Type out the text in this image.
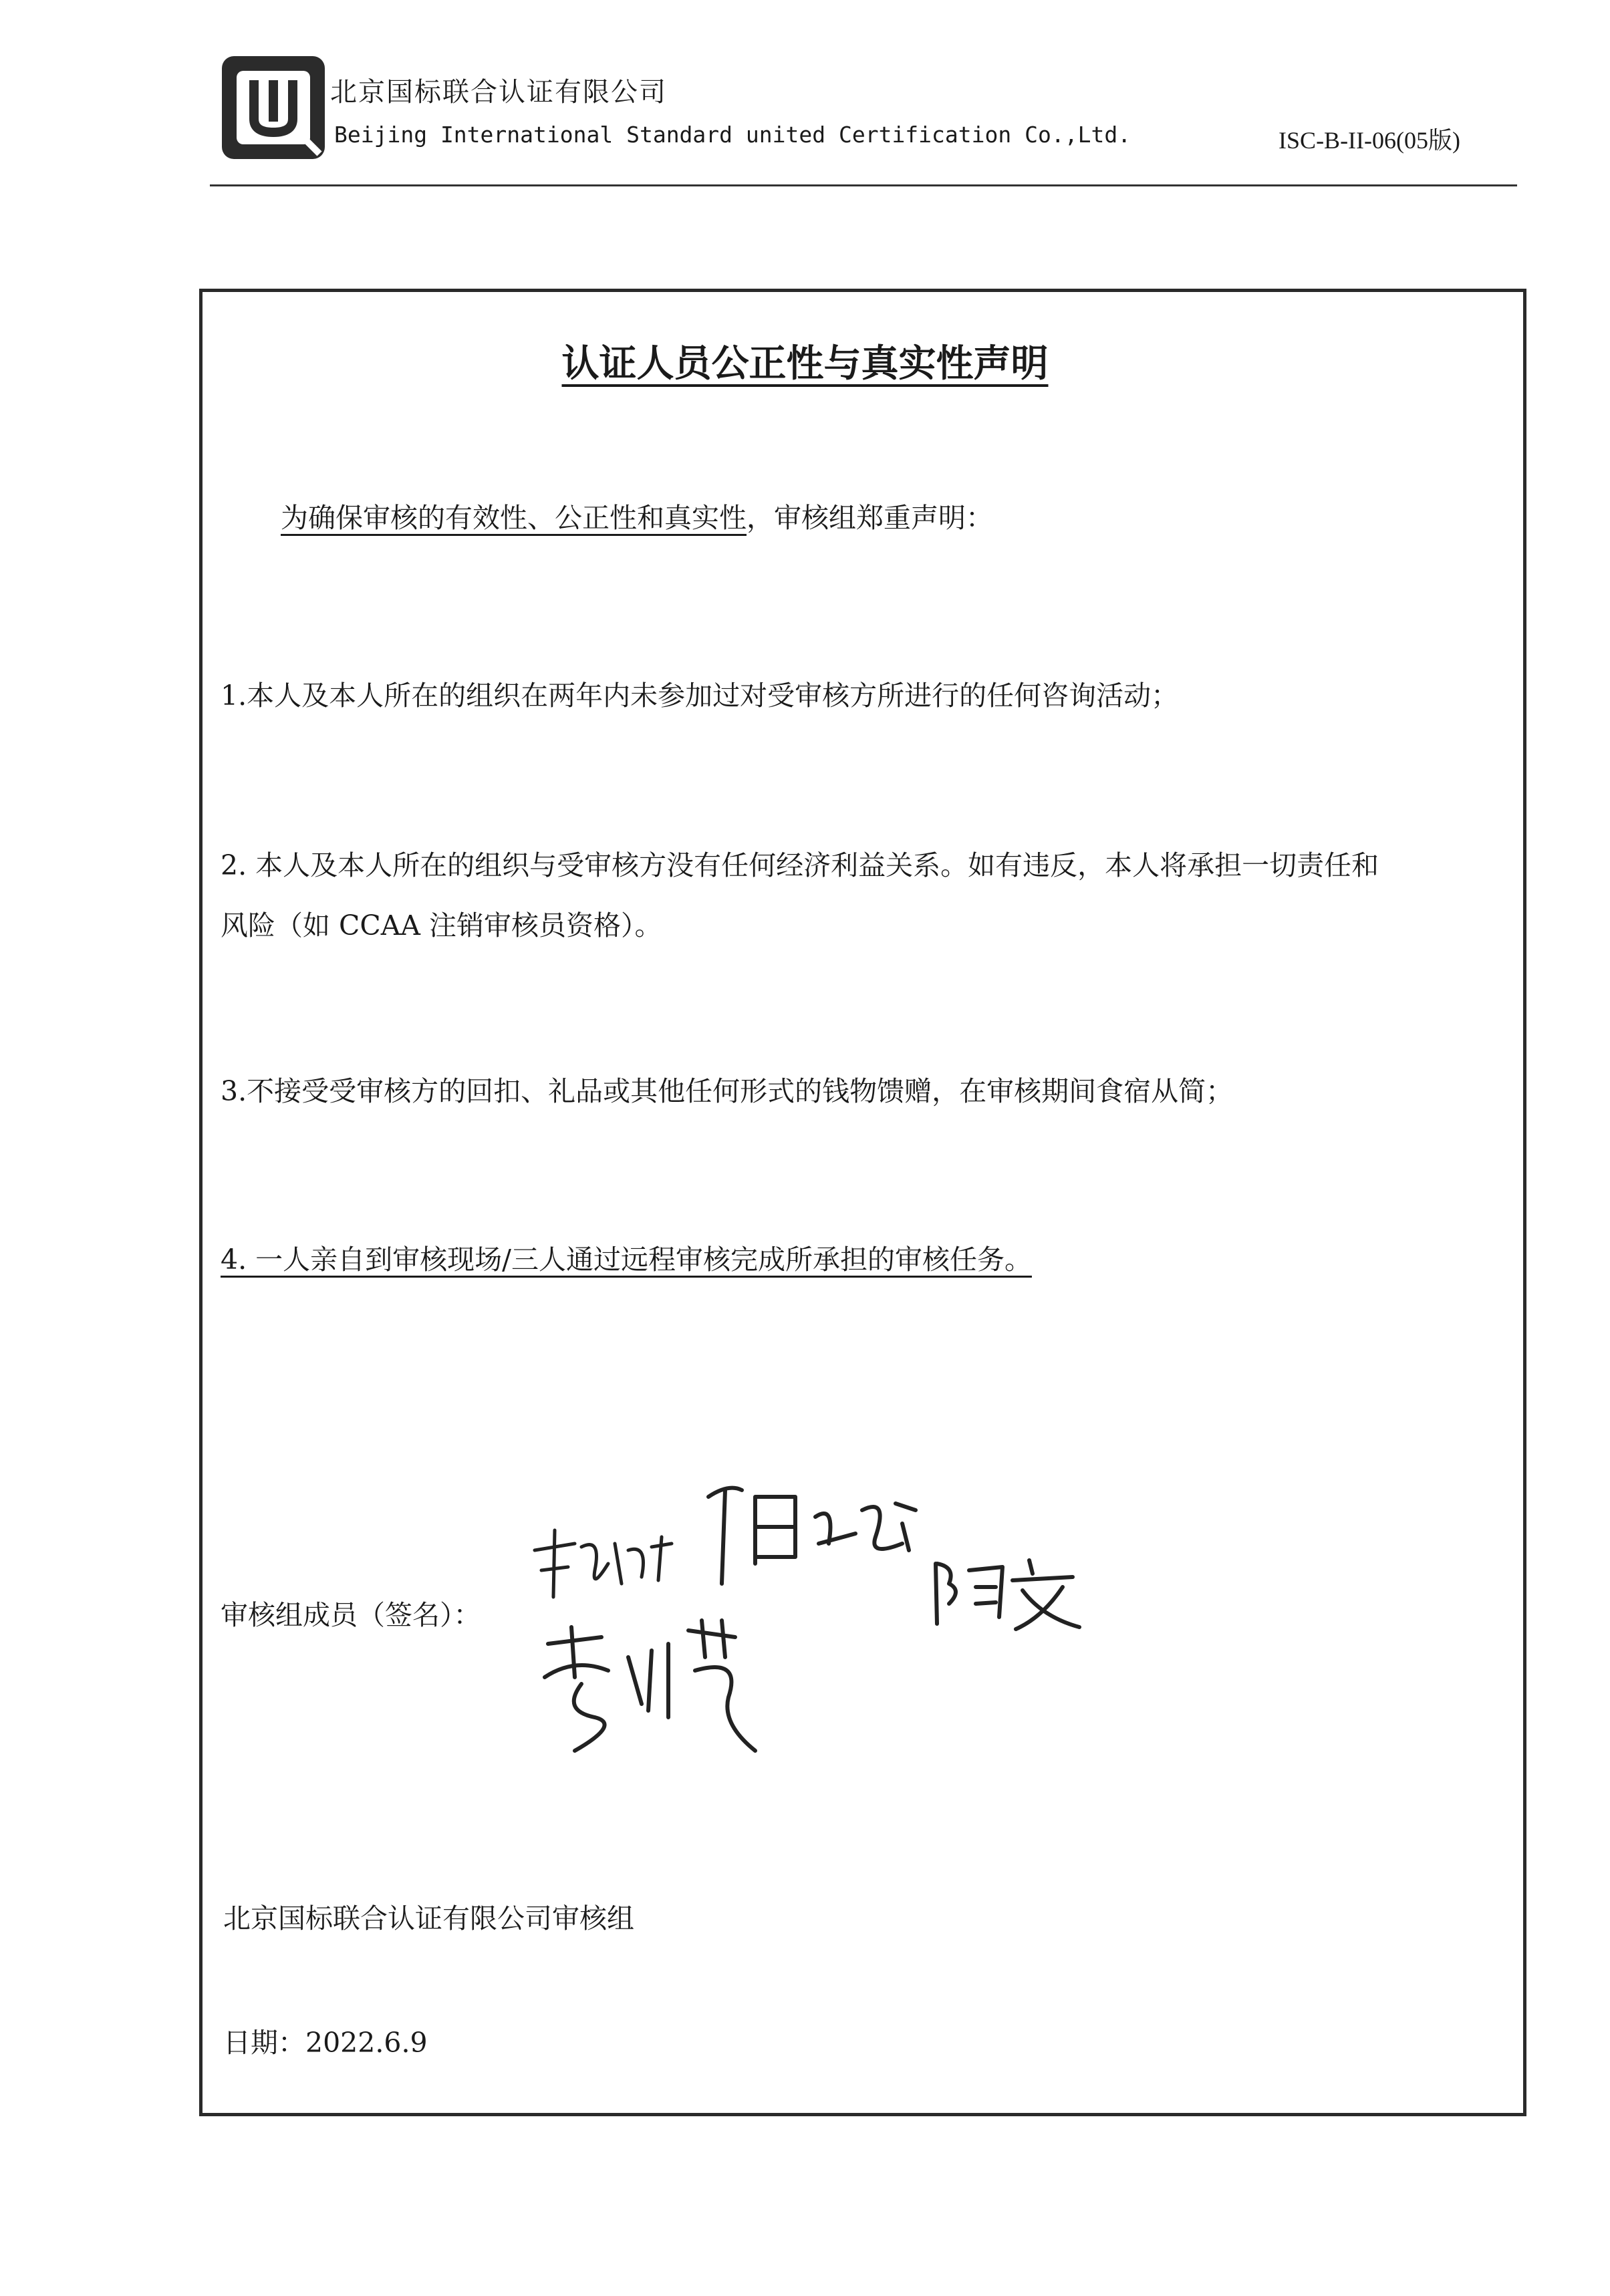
北京国标联合认证有限公司
Beijing International Standard united Certification Co.,Ltd.	ISC-B-II-06(05版)
认证人员公正性与真实性声明
为确保审核的有效性、公正性和真实性，审核组郑重声明：
1.本人及本人所在的组织在两年内未参加过对受审核方所进行的任何咨询活动；
2. 本人及本人所在的组织与受审核方没有任何经济利益关系。如有违反，本人将承担一切责任和
风险（如 CCAA 注销审核员资格）。
3.不接受受审核方的回扣、礼品或其他任何形式的钱物馈赠，在审核期间食宿从简；
4. 一人亲自到审核现场/三人通过远程审核完成所承担的审核任务。
审核组成员（签名）：
北京国标联合认证有限公司审核组
日期：2022.6.9
